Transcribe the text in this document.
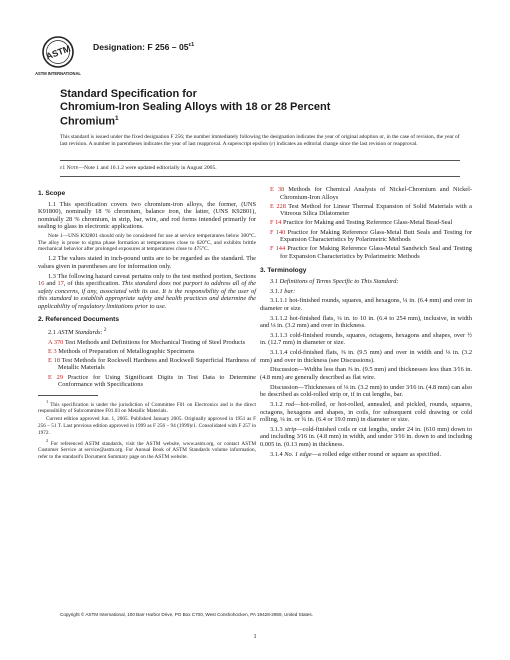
ASTM
ASTM INTERNATIONAL
Designation: F $256 - 05^{\varepsilon 1}$
Standard Specification for
Chromium-Iron Sealing Alloys with 18 or 28 Percent
Chromium$^1$
This standard is issued under the fixed designation F 256; the number immediately following the designation indicates the year of original adoption or, in the case of revision, the year of last revision. A number in parentheses indicates the year of last reapproval. A superscript epsilon (ε) indicates an editorial change since the last revision or reapproval.
ε1 Note—Note 1 and 16.1.2 were updated editorially in August 2005.

1. Scope

1.1 This specification covers two chromium-iron alloys, the former, (UNS K91800), nominally 18 % chromium, balance iron, the latter, (UNS K92801), nominally 28 % chromium, in strip, bar, wire, and rod forms intended primarily for sealing to glass in electronic applications.

Note 1—UNS K92801 should only be considered for use at service temperatures below 300°C. The alloy is prone to sigma phase formation at temperatures close to 620°C, and exhibits brittle mechanical behavior after prolonged exposures at temperatures close to 475°C.

1.2 The values stated in inch-pound units are to be regarded as the standard. The values given in parentheses are for information only.

1.3 The following hazard caveat pertains only to the test method portion, Sections 16 and 17, of this specification. This standard does not purport to address all of the safety concerns, if any, associated with its use. It is the responsibility of the user of this standard to establish appropriate safety and health practices and determine the applicability of regulatory limitations prior to use.

2. Referenced Documents

2.1 ASTM Standards: $^2$

A 370 Test Methods and Definitions for Mechanical Testing of Steel Products

E 3 Methods of Preparation of Metallographic Specimens

E 18 Test Methods for Rockwell Hardness and Rockwell Superficial Hardness of Metallic Materials

E 29 Practice for Using Significant Digits in Test Data to Determine Conformance with Specifications

$^1$ This specification is under the jurisdiction of Committee F01 on Electronics and is the direct responsibility of Subcommittee F01.03 on Metallic Materials.

Current edition approved Jun. 1, 2005. Published January 2005. Originally approved in 1951 as F 256 – 51 T. Last previous edition approved in 1999 as F 256 – 94 (1999)ε1. Consolidated with F 257 in 1972.

$^2$ For referenced ASTM standards, visit the ASTM website, www.astm.org, or contact ASTM Customer Service at service@astm.org. For Annual Book of ASTM Standards volume information, refer to the standard's Document Summary page on the ASTM website.

E 38 Methods for Chemical Analysis of Nickel-Chromium and Nickel-Chromium-Iron Alloys

E 228 Test Method for Linear Thermal Expansion of Solid Materials with a Vitreous Silica Dilatometer

F 14 Practice for Making and Testing Reference Glass-Metal Bead-Seal

F 140 Practice for Making Reference Glass-Metal Butt Seals and Testing for Expansion Characteristics by Polarimetric Methods

F 144 Practice for Making Reference Glass-Metal Sandwich Seal and Testing for Expansion Characteristics by Polarimetric Methods

3. Terminology

3.1 Definitions of Terms Specific to This Standard:

3.1.1 bar:

3.1.1.1 hot-finished rounds, squares, and hexagons, ¼ in. (6.4 mm) and over in diameter or size.

3.1.1.2 hot-finished flats, ¼ in. to 10 in. (6.4 to 254 mm), inclusive, in width and ⅛ in. (3.2 mm) and over in thickness.

3.1.1.3 cold-finished rounds, squares, octagons, hexagons and shapes, over ½ in. (12.7 mm) in diameter or size.

3.1.1.4 cold-finished flats, ⅜ in. (9.5 mm) and over in width and ⅛ in. (3.2 mm) and over in thickness (see Discussions).

Discussion—Widths less than ⅜ in. (9.5 mm) and thicknesses less than 3⁄16 in. (4.8 mm) are generally described as flat wire.

Discussion—Thicknesses of ⅛ in. (3.2 mm) to under 3⁄16 in. (4.8 mm) can also be described as cold-rolled strip or, if in cut lengths, bar.

3.1.2 rod—hot-rolled, or hot-rolled, annealed, and pickled, rounds, squares, octagons, hexagons and shapes, in coils, for subsequent cold drawing or cold rolling, ¼ in. or ¾ in. (6.4 or 19.0 mm) in diameter or size.

3.1.3 strip—cold-finished coils or cut lengths, under 24 in. (610 mm) down to and including 3⁄16 in. (4.8 mm) in width, and under 3⁄16 in. down to and including 0.005 in. (0.13 mm) in thickness.

3.1.4 No. 1 edge—a rolled edge either round or square as specified.

Copyright © ASTM International, 100 Barr Harbor Drive, PO Box C700, West Conshohocken, PA 19428-2959, United States.
1
